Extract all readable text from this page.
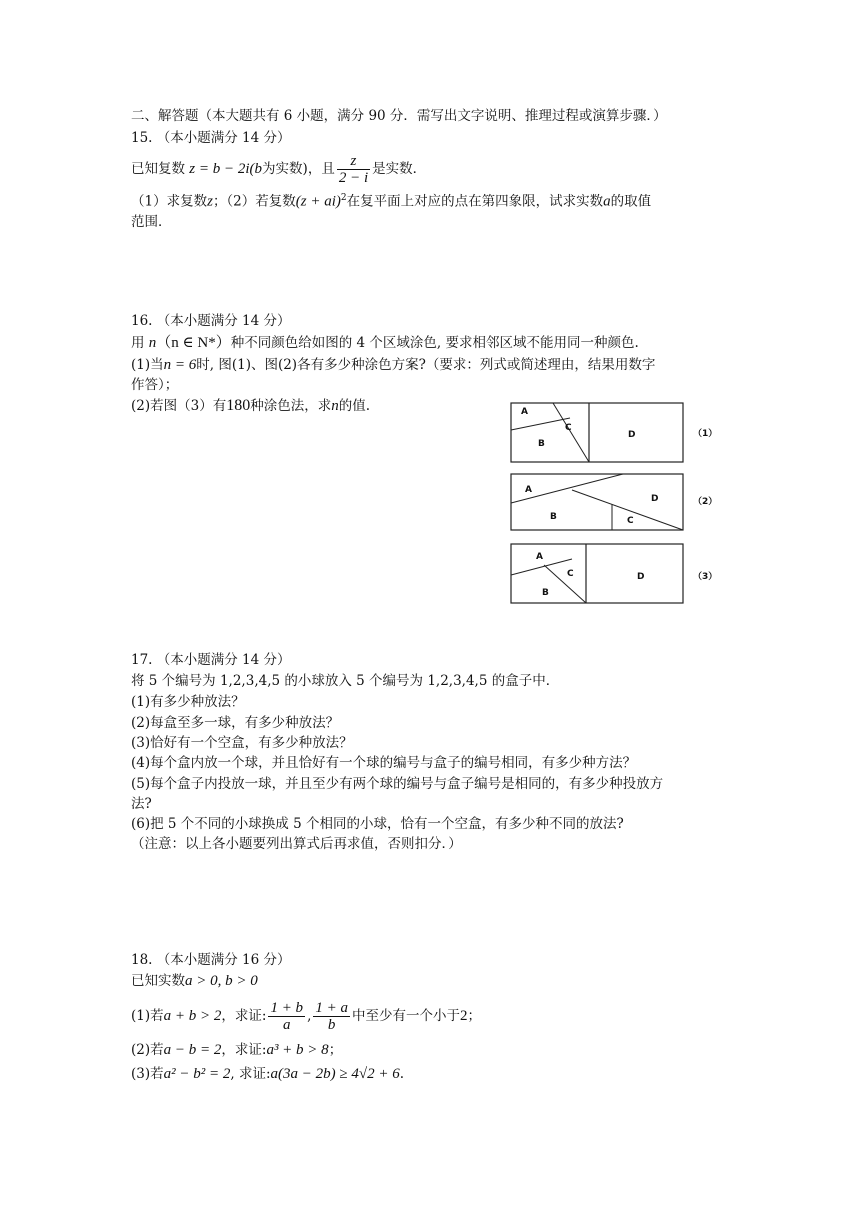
二、解答题（本大题共有 6 小题，满分 90 分．需写出文字说明、推理过程或演算步骤．）
15. （本小题满分 14 分）
已知复数 z = b − 2i(b为实数)，且 $\frac{z}{2 - i}$ 是实数．
（1）求复数z；（2）若复数(z + ai)$^2$在复平面上对应的点在第四象限，试求实数a的取值
范围．
16. （本小题满分 14 分）
用 n（n ∈ N*）种不同颜色给如图的 4 个区域涂色, 要求相邻区域不能用同一种颜色.
(1)当n = 6时, 图(1)、图(2)各有多少种涂色方案?（要求：列式或简述理由，结果用数字
作答）；
(2)若图（3）有180种涂色法，求n的值.	A
B
C
D	（1）
A
B	C
D	（2）
A
B
C	D	（3）
17. （本小题满分 14 分）
将 5 个编号为 1,2,3,4,5 的小球放入 5 个编号为 1,2,3,4,5 的盒子中．
(1)有多少种放法？
(2)每盒至多一球，有多少种放法？
(3)恰好有一个空盒，有多少种放法？
(4)每个盒内放一个球，并且恰好有一个球的编号与盒子的编号相同，有多少种方法？
(5)每个盒子内投放一球，并且至少有两个球的编号与盒子编号是相同的，有多少种投放方
法?
(6)把 5 个不同的小球换成 5 个相同的小球，恰有一个空盒，有多少种不同的放法?
（注意：以上各小题要列出算式后再求值，否则扣分．）
18. （本小题满分 16 分）
已知实数a > 0, b > 0
(1)若a + b > 2，求证: $\frac{1 + b}{a}$ , $\frac{1 + a}{b}$ 中至少有一个小于2；
(2)若a − b = 2，求证:a³ + b > 8；
(3)若a² − b² = 2, 求证:a(3a − 2b) ≥ 4√2 + 6.
